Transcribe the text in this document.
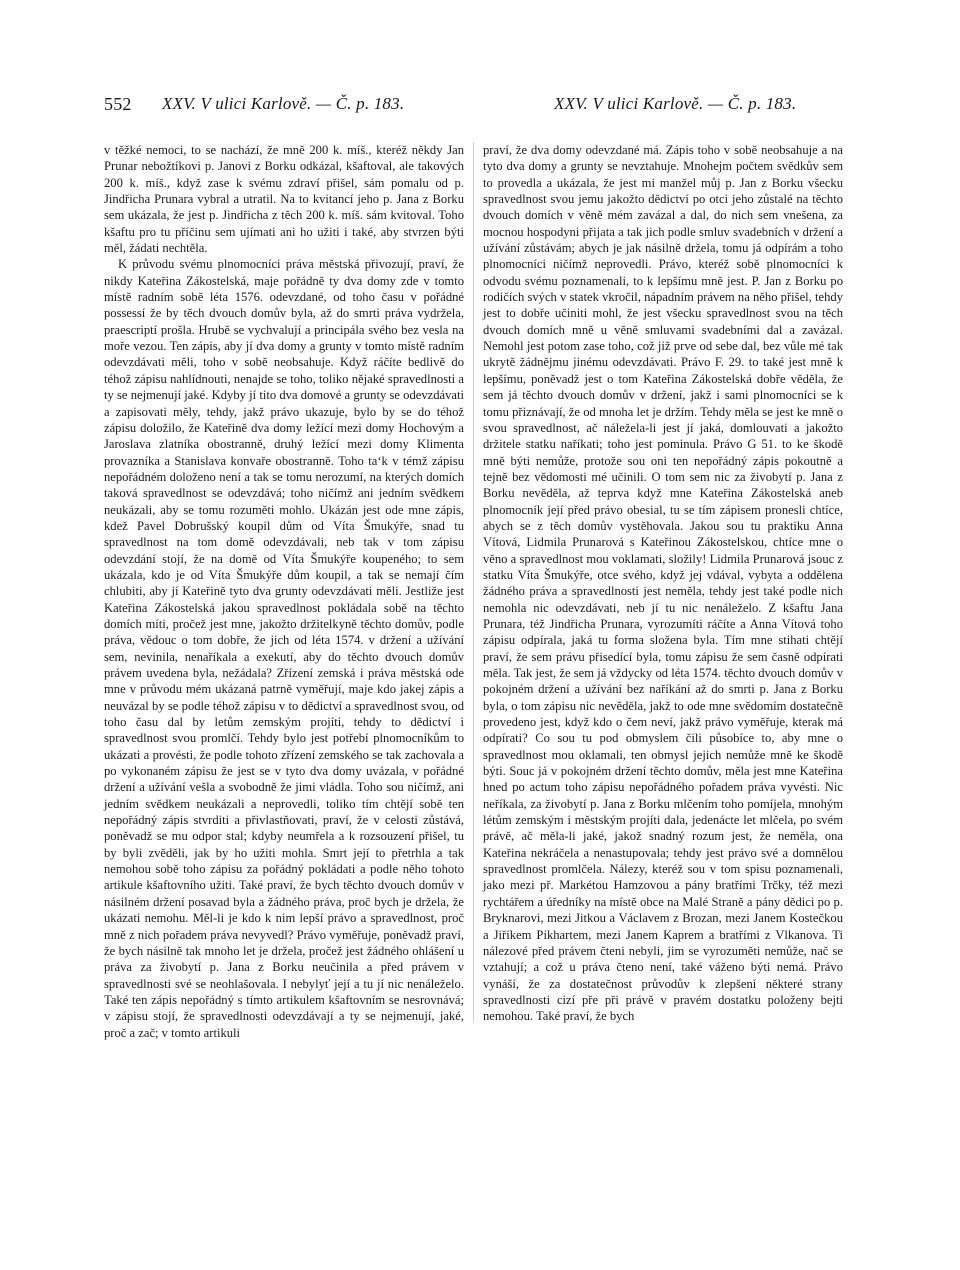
552 XXV. V ulici Karlově. — Č. p. 183.	XXV. V ulici Karlově. — Č. p. 183.

v těžké nemoci, to se nachází, že mně 200 k. míš., kteréž někdy Jan Prunar nebožtíkovi p. Janovi z Borku odkázal, kšaftoval, ale takových 200 k. míš., když zase k svému zdraví přišel, sám pomalu od p. Jindřicha Prunara vybral a utratil. Na to kvitancí jeho p. Jana z Borku sem ukázala, že jest p. Jindřicha z těch 200 k. míš. sám kvitoval. Toho kšaftu pro tu příčinu sem ujímati ani ho užiti i také, aby stvrzen býti měl, žádati nechtěla.

K průvodu svému plnomocníci práva městská přivozují, praví, že nikdy Kateřina Zákostelská, maje pořádně ty dva domy zde v tomto místě radním sobě léta 1576. odevzdané, od toho času v pořádné possessí že by těch dvouch domův byla, až do smrti práva vydržela, praescriptí prošla. Hrubě se vychvalují a principála svého bez vesla na moře vezou. Ten zápis, aby jí dva domy a grunty v tomto místě radním odevzdávati měli, toho v sobě neobsahuje. Když ráčíte bedlivě do téhož zápisu nahlídnouti, nenajde se toho, toliko nějaké spravedlnosti a ty se nejmenují jaké. Kdyby jí tito dva domové a grunty se odevzdávati a zapisovati měly, tehdy, jakž právo ukazuje, bylo by se do téhož zápisu doložilo, že Kateřině dva domy ležící mezi domy Hochovým a Jaroslava zlatníka obostranně, druhý ležící mezi domy Klimenta provazníka a Stanislava konvaře obostranně. Toho ta‘k v témž zápisu nepořádném doloženo není a tak se tomu nerozumí, na kterých domích taková spravedlnost se odevzdává; toho ničímž ani jedním svědkem neukázali, aby se tomu rozuměti mohlo. Ukázán jest ode mne zápis, kdež Pavel Dobrušský koupil dům od Víta Šmukýře, snad tu spravedlnost na tom domě odevzdávali, neb tak v tom zápisu odevzdání stojí, že na domě od Víta Šmukýře koupeného; to sem ukázala, kdo je od Víta Šmukýře dům koupil, a tak se nemají čím chlubiti, aby jí Kateřině tyto dva grunty odevzdávati měli. Jestliže jest Kateřina Zákostelská jakou spravedlnost pokládala sobě na těchto domích míti, pročež jest mne, jakožto držitelkyně těchto domův, podle práva, vědouc o tom dobře, že jich od léta 1574. v držení a užívání sem, nevinila, nenaříkala a exekutí, aby do těchto dvouch domův právem uvedena byla, nežádala? Zřízení zemská i práva městská ode mne v průvodu mém ukázaná patrně vyměřují, maje kdo jakej zápis a neuvázal by se podle téhož zápisu v to dědictví a spravedlnost svou, od toho času dal by letům zemským projíti, tehdy to dědictví i spravedlnost svou promlčí. Tehdy bylo jest potřebí plnomocníkům to ukázati a provésti, že podle tohoto zřízení zemského se tak zachovala a po vykonaném zápisu že jest se v tyto dva domy uvázala, v pořádné držení a užívání vešla a svobodně že jimi vládla. Toho sou ničímž, ani jedním svědkem neukázali a neprovedli, toliko tím chtějí sobě ten nepořádný zápis stvrditi a přivlastňovati, praví, že v celosti zůstává, poněvadž se mu odpor stal; kdyby neumřela a k rozsouzení přišel, tu by byli zvěděli, jak by ho užiti mohla. Smrt její to přetrhla a tak nemohou sobě toho zápisu za pořádný pokládati a podle něho tohoto artikule kšaftovního užiti. Také praví, že bych těchto dvouch domův v násilném držení posavad byla a žádného práva, proč bych je držela, že ukázati nemohu. Měl-li je kdo k nim lepší právo a spravedlnost, proč mně z nich pořadem práva nevyvedl? Právo vyměřuje, poněvadž praví, že bych násilně tak mnoho let je držela, pročež jest žádného ohlášení u práva za živobytí p. Jana z Borku neučinila a před právem v spravedlnosti své se neohlašovala. I nebylyť její a tu jí nic nenáleželo. Také ten zápis nepořádný s tímto artikulem kšaftovním se nesrovnává; v zápisu stojí, že spravedlnosti odevzdávají a ty se nejmenují, jaké, proč a zač; v tomto artikuli

praví, že dva domy odevzdané má. Zápis toho v sobě neobsahuje a na tyto dva domy a grunty se nevztahuje. Mnohejm počtem svědkův sem to provedla a ukázala, že jest mi manžel můj p. Jan z Borku všecku spravedlnost svou jemu jakožto dědictví po otci jeho zůstalé na těchto dvouch domích v věně mém zavázal a dal, do nich sem vnešena, za mocnou hospodyni přijata a tak jich podle smluv svadebních v držení a užívání zůstávám; abych je jak násilně držela, tomu já odpírám a toho plnomocníci ničímž neprovedli. Právo, kteréž sobě plnomocníci k odvodu svému poznamenali, to k lepšímu mně jest. P. Jan z Borku po rodičích svých v statek vkročil, nápadním právem na něho přišel, tehdy jest to dobře učiniti mohl, že jest všecku spravedlnost svou na těch dvouch domích mně u věně smluvami svadebními dal a zavázal. Nemohl jest potom zase toho, což již prve od sebe dal, bez vůle mé tak ukrytě žádnějmu jinému odevzdávati. Právo F. 29. to také jest mně k lepšímu, poněvadž jest o tom Kateřina Zákostelská dobře věděla, že sem já těchto dvouch domův v držení, jakž i sami plnomocníci se k tomu přiznávají, že od mnoha let je držím. Tehdy měla se jest ke mně o svou spravedlnost, ač náležela-li jest jí jaká, domlouvati a jakožto držitele statku naříkati; toho jest pominula. Právo G 51. to ke škodě mně býti nemůže, protože sou oni ten nepořádný zápis pokoutně a tejně bez vědomosti mé učinili. O tom sem nic za živobytí p. Jana z Borku nevěděla, až teprva když mne Kateřina Zákostelská aneb plnomocník její před právo obesial, tu se tím zápisem pronesli chtíce, abych se z těch domův vystěhovala. Jakou sou tu praktiku Anna Vítová, Lidmila Prunarová s Kateřinou Zákostelskou, chtíce mne o věno a spravedlnost mou voklamati, složily! Lidmila Prunarová jsouc z statku Víta Šmukýře, otce svého, když jej vdával, vybyta a oddělena žádného práva a spravedlnosti jest neměla, tehdy jest také podle nich nemohla nic odevzdávati, neb jí tu nic nenáleželo. Z kšaftu Jana Prunara, též Jindřicha Prunara, vyrozumíti ráčíte a Anna Vítová toho zápisu odpírala, jaká tu forma složena byla. Tím mne stihati chtějí praví, že sem právu přisedící byla, tomu zápisu že sem časně odpírati měla. Tak jest, že sem já vždycky od léta 1574. těchto dvouch domův v pokojném držení a užívání bez naříkání až do smrti p. Jana z Borku byla, o tom zápisu nic nevěděla, jakž to ode mne svědomím dostatečně provedeno jest, když kdo o čem neví, jakž právo vyměřuje, kterak má odpírati? Co sou tu pod obmyslem čili působíce to, aby mne o spravedlnost mou oklamali, ten obmysl jejich nemůže mně ke škodě býti. Souc já v pokojném držení těchto domův, měla jest mne Kateřina hned po actum toho zápisu nepořádného pořadem práva vyvésti. Nic neříkala, za živobytí p. Jana z Borku mlčením toho pomíjela, mnohým létům zemským i městským projíti dala, jedenácte let mlčela, po svém právě, ač měla-li jaké, jakož snadný rozum jest, že neměla, ona Kateřina nekráčela a nenastupovala; tehdy jest právo své a domnělou spravedlnost promlčela. Nálezy, kteréž sou v tom spisu poznamenali, jako mezi př. Markétou Hamzovou a pány bratřími Trčky, též mezi rychtářem a úředníky na místě obce na Malé Straně a pány dědici po p. Bryknarovi, mezi Jitkou a Václavem z Brozan, mezi Janem Kostečkou a Jiříkem Pikhartem, mezi Janem Kaprem a bratřími z Vlkanova. Ti nálezové před právem čteni nebyli, jim se vyrozuměti nemůže, nač se vztahují; a což u práva čteno není, také váženo býti nemá. Právo vynáší, že za dostatečnost průvodův k zlepšení některé strany spravedlnosti cizí pře při právě v pravém dostatku položeny bejti nemohou. Také praví, že bych
